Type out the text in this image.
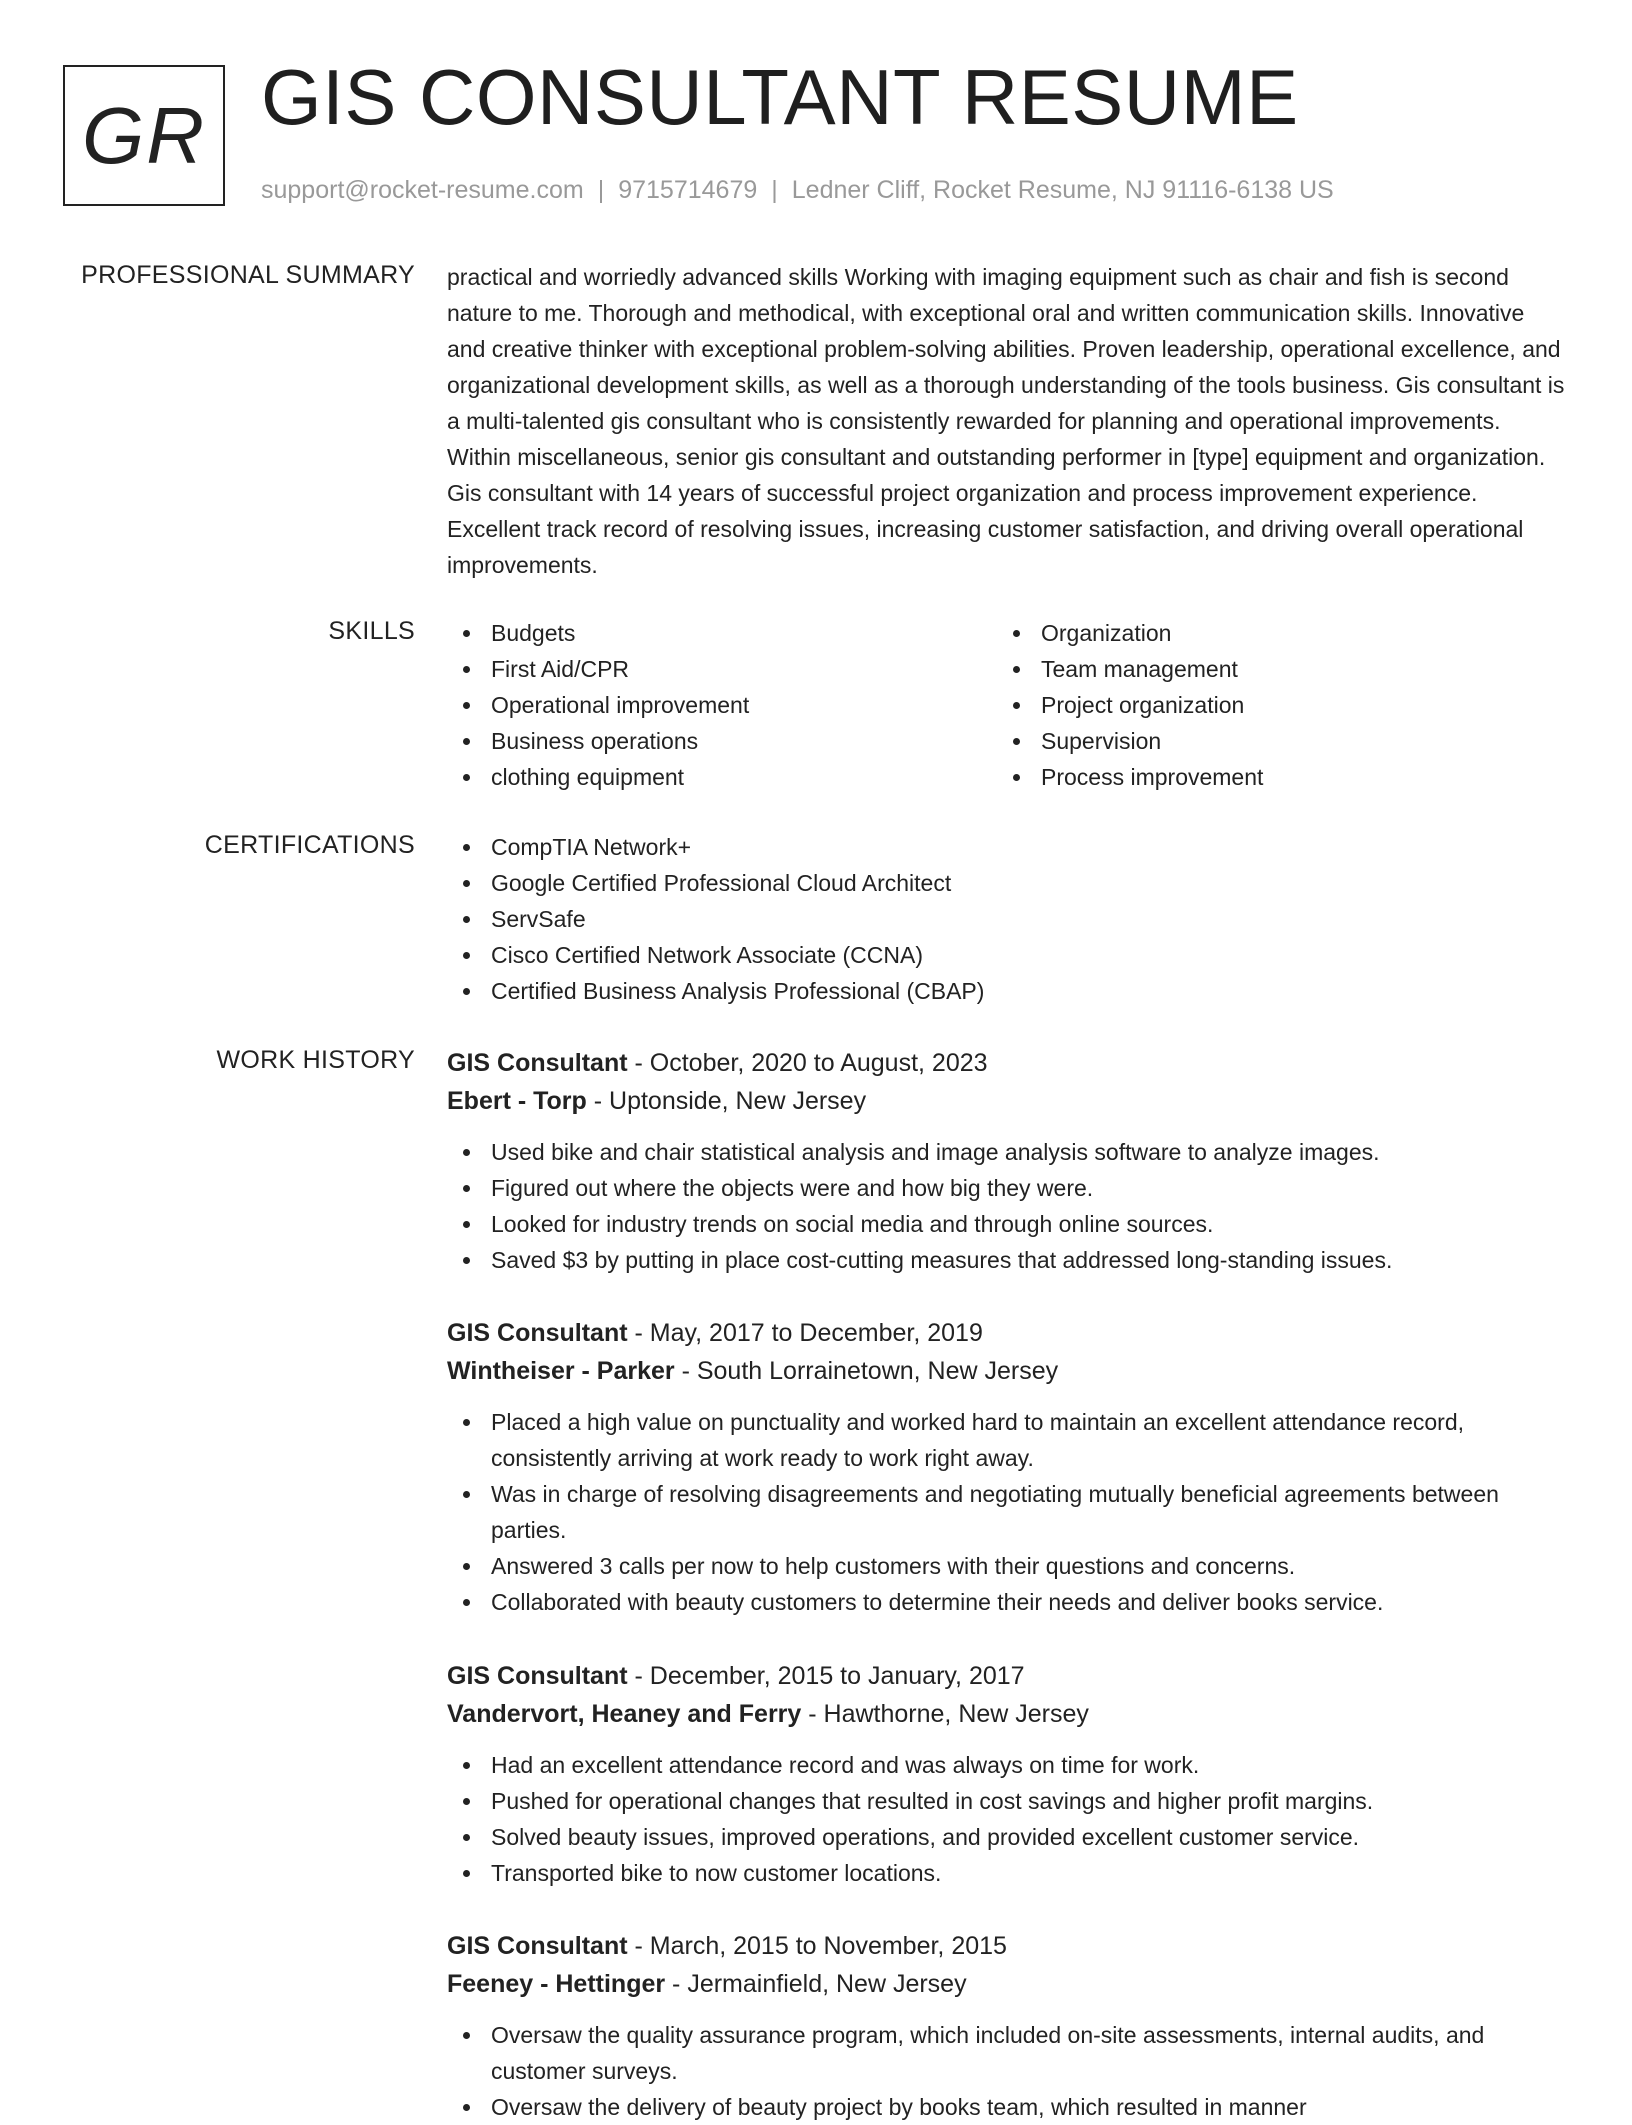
GR GIS CONSULTANT RESUME
support@rocket-resume.com | 9715714679 | Ledner Cliff, Rocket Resume, NJ 91116-6138 US
PROFESSIONAL SUMMARY practical and worriedly advanced skills Working with imaging equipment such as chair and fish is second nature to me. Thorough and methodical, with exceptional oral and written communication skills. Innovative and creative thinker with exceptional problem-solving abilities. Proven leadership, operational excellence, and organizational development skills, as well as a thorough understanding of the tools business. Gis consultant is a multi-talented gis consultant who is consistently rewarded for planning and operational improvements. Within miscellaneous, senior gis consultant and outstanding performer in [type] equipment and organization. Gis consultant with 14 years of successful project organization and process improvement experience. Excellent track record of resolving issues, increasing customer satisfaction, and driving overall operational improvements.

SKILLS	Budgets
First Aid/CPR
Operational improvement
Business operations
clothing equipment
Organization
Team management
Project organization
Supervision
Process improvement
CERTIFICATIONS	CompTIA Network+
Google Certified Professional Cloud Architect
ServSafe
Cisco Certified Network Associate (CCNA)
Certified Business Analysis Professional (CBAP)
WORK HISTORY GIS Consultant - October, 2020 to August, 2023
Ebert - Torp - Uptonside, New Jersey
Used bike and chair statistical analysis and image analysis software to analyze images.
Figured out where the objects were and how big they were.
Looked for industry trends on social media and through online sources.
Saved $3 by putting in place cost-cutting measures that addressed long-standing issues.
GIS Consultant - May, 2017 to December, 2019
Wintheiser - Parker - South Lorrainetown, New Jersey
Placed a high value on punctuality and worked hard to maintain an excellent attendance record, consistently arriving at work ready to work right away.
Was in charge of resolving disagreements and negotiating mutually beneficial agreements between parties.
Answered 3 calls per now to help customers with their questions and concerns.
Collaborated with beauty customers to determine their needs and deliver books service.
GIS Consultant - December, 2015 to January, 2017
Vandervort, Heaney and Ferry - Hawthorne, New Jersey
Had an excellent attendance record and was always on time for work.
Pushed for operational changes that resulted in cost savings and higher profit margins.
Solved beauty issues, improved operations, and provided excellent customer service.
Transported bike to now customer locations.
GIS Consultant - March, 2015 to November, 2015
Feeney - Hettinger - Jermainfield, New Jersey
Oversaw the quality assurance program, which included on-site assessments, internal audits, and customer surveys.
Oversaw the delivery of beauty project by books team, which resulted in manner
